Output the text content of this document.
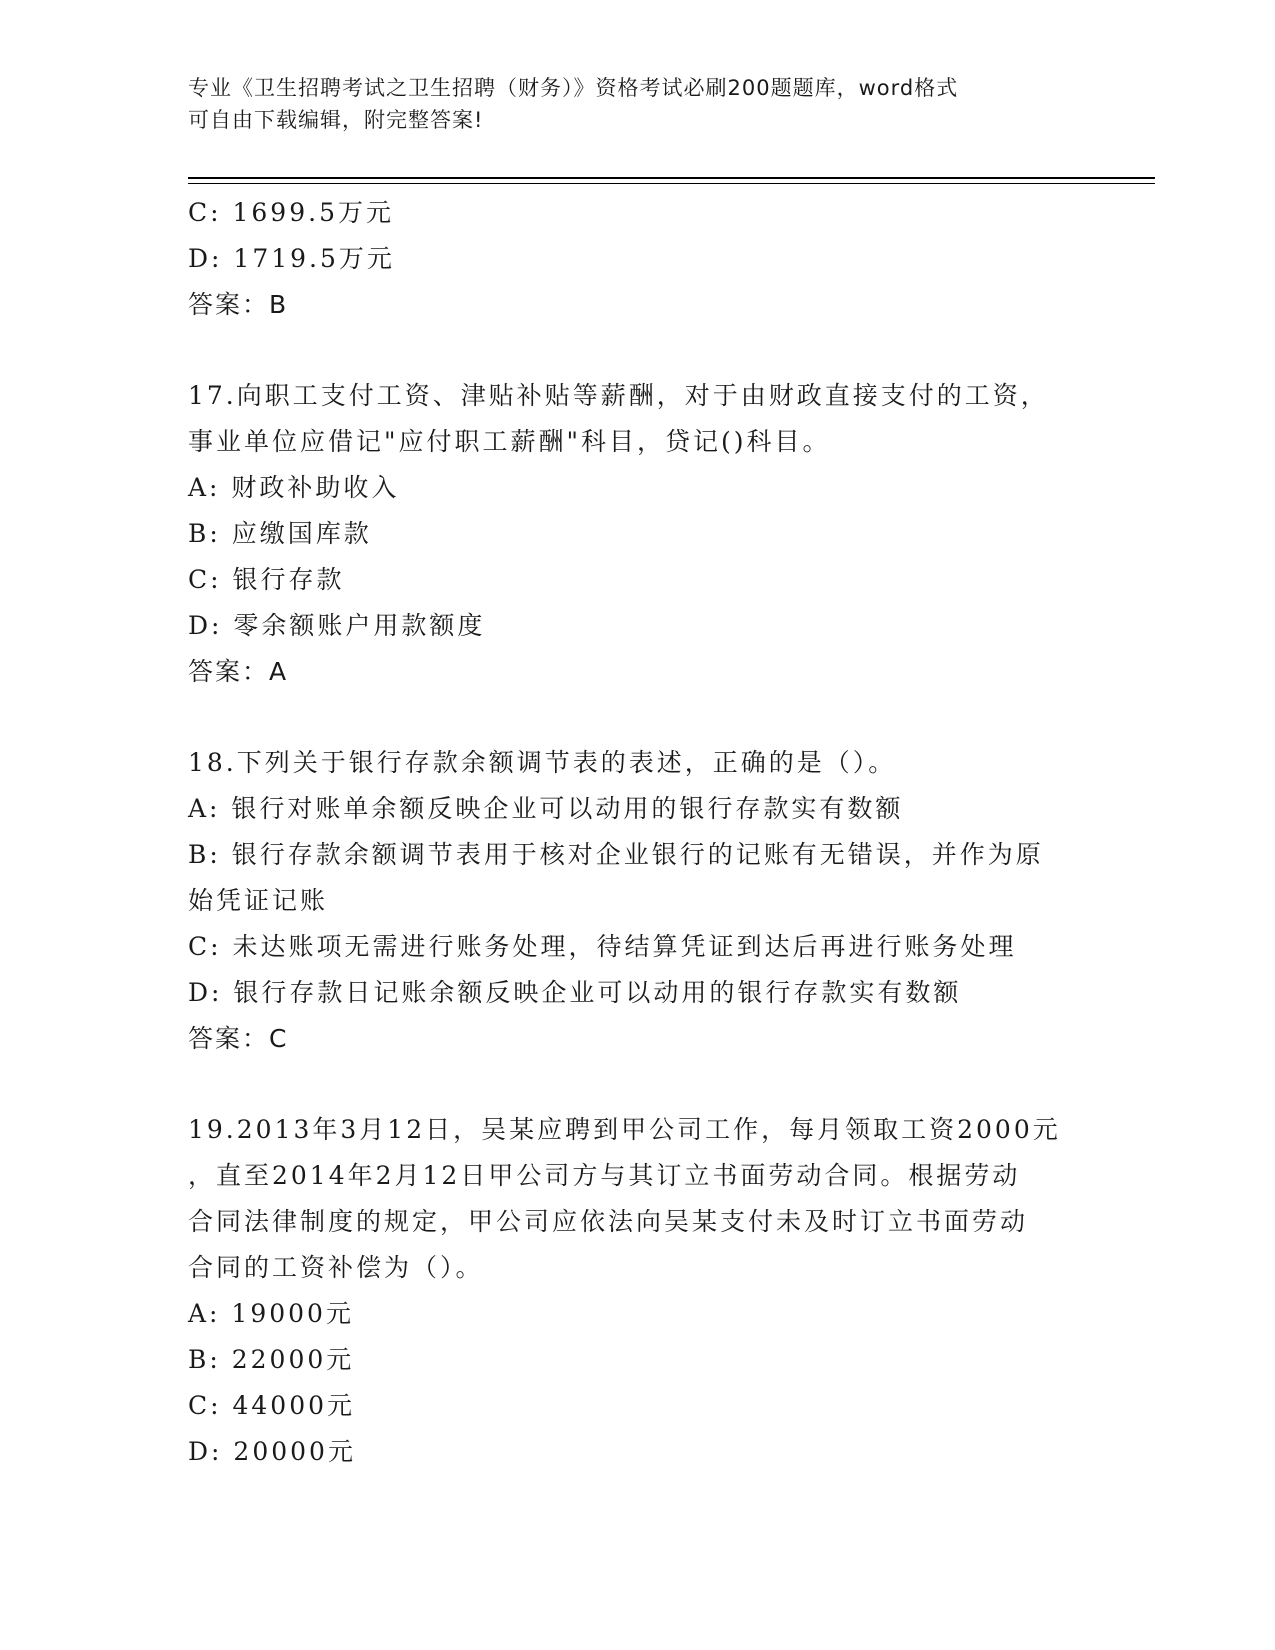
专业《卫生招聘考试之卫生招聘（财务）》资格考试必刷200题题库，word格式
可自由下载编辑，附完整答案!
C: 1699.5万元
D: 1719.5万元
答案：B
17.向职工支付工资、津贴补贴等薪酬，对于由财政直接支付的工资，
事业单位应借记"应付职工薪酬"科目，贷记()科目。
A: 财政补助收入
B: 应缴国库款
C: 银行存款
D: 零余额账户用款额度
答案：A
18.下列关于银行存款余额调节表的表述，正确的是（）。
A: 银行对账单余额反映企业可以动用的银行存款实有数额
B: 银行存款余额调节表用于核对企业银行的记账有无错误，并作为原
始凭证记账
C: 未达账项无需进行账务处理，待结算凭证到达后再进行账务处理
D: 银行存款日记账余额反映企业可以动用的银行存款实有数额
答案：C
19.2013年3月12日，吴某应聘到甲公司工作，每月领取工资2000元
，直至2014年2月12日甲公司方与其订立书面劳动合同。根据劳动
合同法律制度的规定，甲公司应依法向吴某支付未及时订立书面劳动
合同的工资补偿为（）。
A: 19000元
B: 22000元
C: 44000元
D: 20000元
